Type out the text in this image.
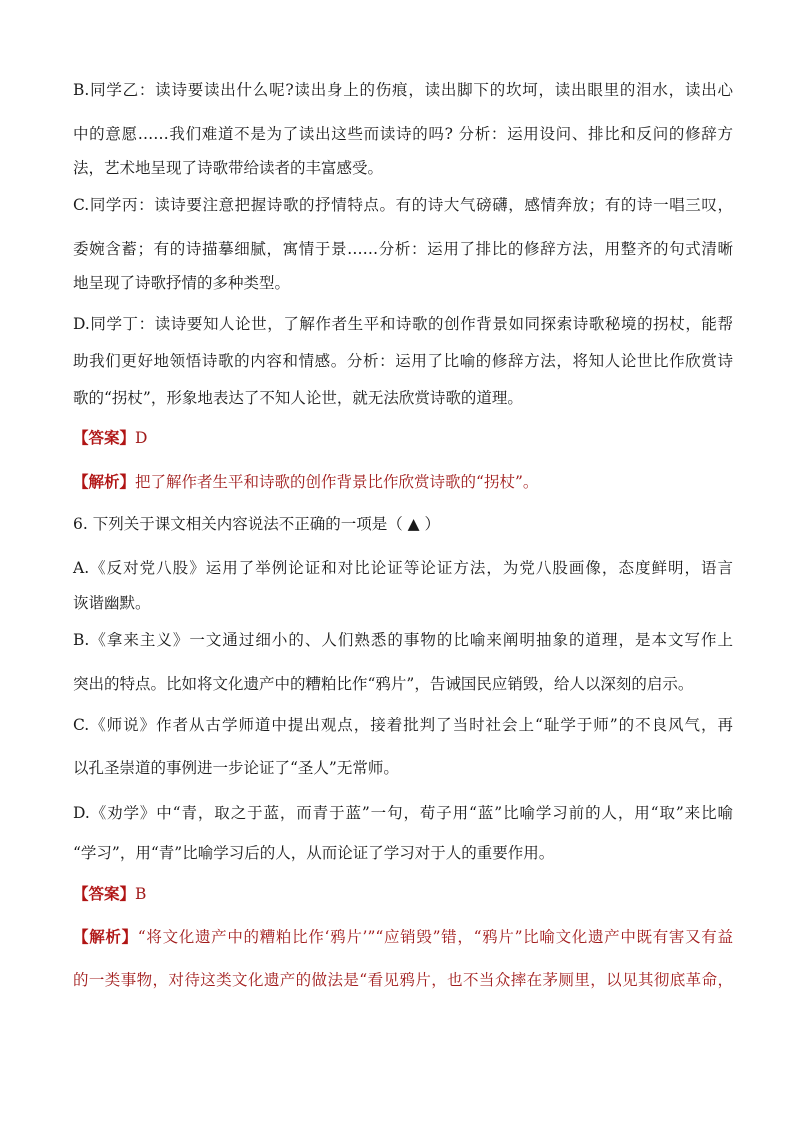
B.同学乙：读诗要读出什么呢?读出身上的伤痕，读出脚下的坎坷，读出眼里的泪水，读出心
中的意愿……我们难道不是为了读出这些而读诗的吗? 分析：运用设问、排比和反问的修辞方
法，艺术地呈现了诗歌带给读者的丰富感受。
C.同学丙：读诗要注意把握诗歌的抒情特点。有的诗大气磅礴，感情奔放；有的诗一唱三叹，
委婉含蓄；有的诗描摹细腻，寓情于景……分析：运用了排比的修辞方法，用整齐的句式清晰
地呈现了诗歌抒情的多种类型。
D.同学丁：读诗要知人论世，了解作者生平和诗歌的创作背景如同探索诗歌秘境的拐杖，能帮
助我们更好地领悟诗歌的内容和情感。分析：运用了比喻的修辞方法，将知人论世比作欣赏诗
歌的“拐杖”，形象地表达了不知人论世，就无法欣赏诗歌的道理。
【答案】D
【解析】把了解作者生平和诗歌的创作背景比作欣赏诗歌的“拐杖”。
6. 下列关于课文相关内容说法不正确的一项是（ ▲ ）
A.《反对党八股》运用了举例论证和对比论证等论证方法，为党八股画像，态度鲜明，语言
诙谐幽默。
B.《拿来主义》一文通过细小的、人们熟悉的事物的比喻来阐明抽象的道理，是本文写作上
突出的特点。比如将文化遗产中的糟粕比作“鸦片”，告诫国民应销毁，给人以深刻的启示。
C.《师说》作者从古学师道中提出观点，接着批判了当时社会上“耻学于师”的不良风气，再
以孔圣崇道的事例进一步论证了“圣人”无常师。
D.《劝学》中“青，取之于蓝，而青于蓝”一句，荀子用“蓝”比喻学习前的人，用“取”来比喻
“学习”，用“青”比喻学习后的人，从而论证了学习对于人的重要作用。
【答案】B
【解析】“将文化遗产中的糟粕比作‘鸦片’”“应销毁”错，“鸦片”比喻文化遗产中既有害又有益
的一类事物，对待这类文化遗产的做法是“看见鸦片，也不当众摔在茅厕里，以见其彻底革命，
